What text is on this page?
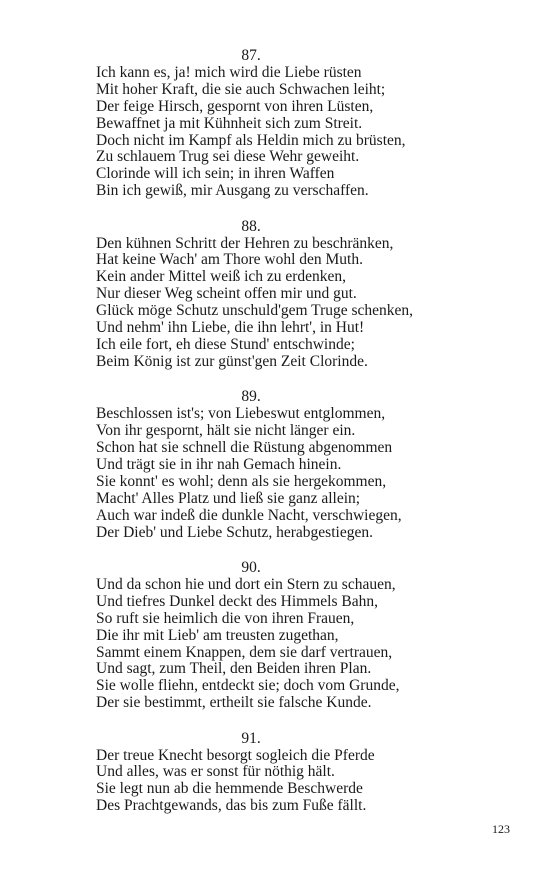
87.

Ich kann es, ja! mich wird die Liebe rüsten

Mit hoher Kraft, die sie auch Schwachen leiht;

Der feige Hirsch, gespornt von ihren Lüsten,

Bewaffnet ja mit Kühnheit sich zum Streit.

Doch nicht im Kampf als Heldin mich zu brüsten,

Zu schlauem Trug sei diese Wehr geweiht.

Clorinde will ich sein; in ihren Waffen

Bin ich gewiß, mir Ausgang zu verschaffen.

88.

Den kühnen Schritt der Hehren zu beschränken,

Hat keine Wach' am Thore wohl den Muth.

Kein ander Mittel weiß ich zu erdenken,

Nur dieser Weg scheint offen mir und gut.

Glück möge Schutz unschuld'gem Truge schenken,

Und nehm' ihn Liebe, die ihn lehrt', in Hut!

Ich eile fort, eh diese Stund' entschwinde;

Beim König ist zur günst'gen Zeit Clorinde.

89.

Beschlossen ist's; von Liebeswut entglommen,

Von ihr gespornt, hält sie nicht länger ein.

Schon hat sie schnell die Rüstung abgenommen

Und trägt sie in ihr nah Gemach hinein.

Sie konnt' es wohl; denn als sie hergekommen,

Macht' Alles Platz und ließ sie ganz allein;

Auch war indeß die dunkle Nacht, verschwiegen,

Der Dieb' und Liebe Schutz, herabgestiegen.

90.

Und da schon hie und dort ein Stern zu schauen,

Und tiefres Dunkel deckt des Himmels Bahn,

So ruft sie heimlich die von ihren Frauen,

Die ihr mit Lieb' am treusten zugethan,

Sammt einem Knappen, dem sie darf vertrauen,

Und sagt, zum Theil, den Beiden ihren Plan.

Sie wolle fliehn, entdeckt sie; doch vom Grunde,

Der sie bestimmt, ertheilt sie falsche Kunde.

91.

Der treue Knecht besorgt sogleich die Pferde

Und alles, was er sonst für nöthig hält.

Sie legt nun ab die hemmende Beschwerde

Des Prachtgewands, das bis zum Fuße fällt.

123
